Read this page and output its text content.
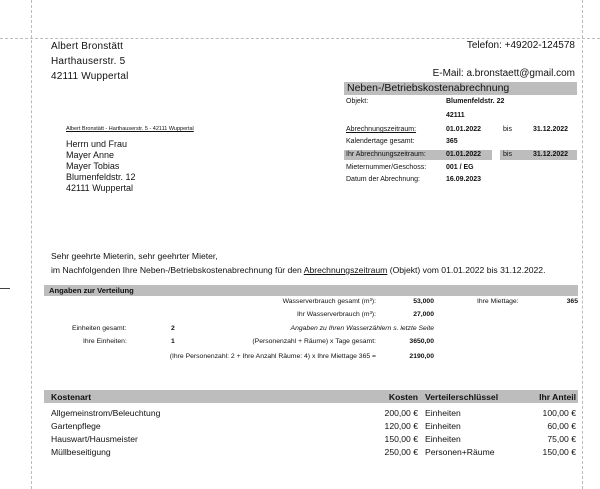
Albert Bronstätt
Harthauserstr. 5
42111 Wuppertal
Telefon: +49202-124578
E-Mail: a.bronstaett@gmail.com
Neben-/Betriebskostenabrechnung
Objekt:	Blumenfeldstr. 22
42111
Abrechnungszeitraum:	01.01.2022	bis	31.12.2022
Kalendertage gesamt:	365
Ihr Abrechnungszeitraum:	01.01.2022	bis	31.12.2022
Mieternummer/Geschoss:	001 / EG
Datum der Abrechnung:	16.09.2023
Albert Bronstätt - Harthauserstr. 5 - 42111 Wuppertal
Herrn und Frau
Mayer Anne
Mayer Tobias
Blumenfeldstr. 12
42111 Wuppertal
Sehr geehrte Mieterin, sehr geehrter Mieter,
im Nachfolgenden Ihre Neben-/Betriebskostenabrechnung für den Abrechnungszeitraum (Objekt) vom 01.01.2022 bis 31.12.2022.
Angaben zur Verteilung
Wasserverbrauch gesamt (m³):	53,000	Ihre Miettage:	365
Ihr Wasserverbrauch (m³):	27,000
Einheiten gesamt:	2	Angaben zu Ihren Wasserzählern s. letzte Seite
Ihre Einheiten:	1	(Personenzahl + Räume) x Tage gesamt:	3650,00
(Ihre Personenzahl: 2 + Ihre Anzahl Räume: 4) x Ihre Miettage 365 =	2190,00
Kostenart	Kosten Verteilerschlüssel	Ihr Anteil
Allgemeinstrom/Beleuchtung	200,00 € Einheiten	100,00 €
Gartenpflege	120,00 € Einheiten	60,00 €
Hauswart/Hausmeister	150,00 € Einheiten	75,00 €
Müllbeseitigung	250,00 € Personen+Räume	150,00 €
